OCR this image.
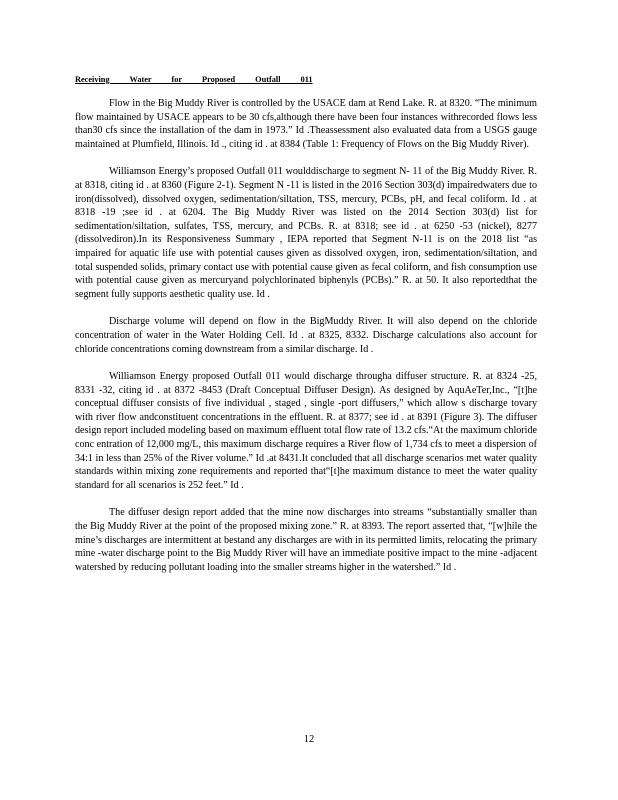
Receiving Water for Proposed Outfall 011

Flow in the Big Muddy River is controlled by the USACE dam at Rend Lake. R. at 8320. “The minimum flow maintained by USACE appears to be 30 cfs,although there have been four instances withrecorded flows less than30 cfs since the installation of the dam in 1973.” Id .Theassessment also evaluated data from a USGS gauge maintained at Plumfield, Illinois. Id ., citing id . at 8384 (Table 1: Frequency of Flows on the Big Muddy River).

Williamson Energy’s proposed Outfall 011 woulddischarge to segment N- 11 of the Big Muddy River. R. at 8318, citing id . at 8360 (Figure 2-1). Segment N -11 is listed in the 2016 Section 303(d) impairedwaters due to iron(dissolved), dissolved oxygen, sedimentation/siltation, TSS, mercury, PCBs, pH, and fecal coliform. Id . at 8318 -19 ;see id . at 6204. The Big Muddy River was listed on the 2014 Section 303(d) list for sedimentation/siltation, sulfates, TSS, mercury, and PCBs. R. at 8318; see id . at 6250 -53 (nickel), 8277 (dissolvediron).In its Responsiveness Summary , IEPA reported that Segment N-11 is on the 2018 list “as impaired for aquatic life use with potential causes given as dissolved oxygen, iron, sedimentation/siltation, and total suspended solids, primary contact use with potential cause given as fecal coliform, and fish consumption use with potential cause given as mercuryand polychlorinated biphenyls (PCBs).” R. at 50. It also reportedthat the segment fully supports aesthetic quality use. Id .

Discharge volume will depend on flow in the BigMuddy River. It will also depend on the chloride concentration of water in the Water Holding Cell. Id . at 8325, 8332. Discharge calculations also account for chloride concentrations coming downstream from a similar discharge. Id .

Williamson Energy proposed Outfall 011 would discharge througha diffuser structure. R. at 8324 -25, 8331 -32, citing id . at 8372 -8453 (Draft Conceptual Diffuser Design). As designed by AquAeTer,Inc., “[t]he conceptual diffuser consists of five individual , staged , single -port diffusers,” which allow s discharge tovary with river flow andconstituent concentrations in the effluent. R. at 8377; see id . at 8391 (Figure 3). The diffuser design report included modeling based on maximum effluent total flow rate of 13.2 cfs.“At the maximum chloride conc entration of 12,000 mg/L, this maximum discharge requires a River flow of 1,734 cfs to meet a dispersion of 34:1 in less than 25% of the River volume.” Id .at 8431.It concluded that all discharge scenarios met water quality standards within mixing zone requirements and reported that“[t]he maximum distance to meet the water quality standard for all scenarios is 252 feet.” Id .

The diffuser design report added that the mine now discharges into streams “substantially smaller than the Big Muddy River at the point of the proposed mixing zone.” R. at 8393. The report asserted that, “[w]hile the mine’s discharges are intermittent at bestand any discharges are with in its permitted limits, relocating the primary mine -water discharge point to the Big Muddy River will have an immediate positive impact to the mine -adjacent watershed by reducing pollutant loading into the smaller streams higher in the watershed.” Id .

12
